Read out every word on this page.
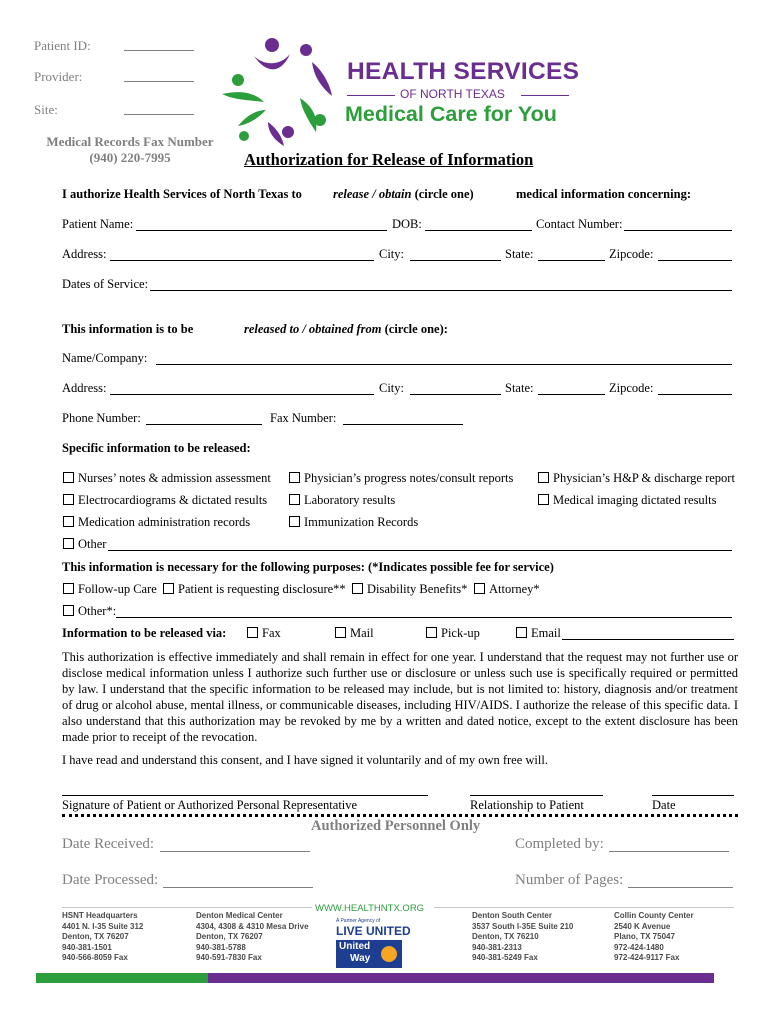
Patient ID:
Provider:
Site:
Medical Records Fax Number
(940) 220-7995
HEALTH SERVICES
OF NORTH TEXAS
Medical Care for You
Authorization for Release of Information
I authorize Health Services of North Texas to release / obtain (circle one)	medical information concerning:
Patient Name:	DOB:	Contact Number:
Address:	City:	State:	Zipcode:
Dates of Service:
This information is to be	released to / obtained from (circle one):
Name/Company:
Address:	City:	State:	Zipcode:
Phone Number:	Fax Number:
Specific information to be released:
Nurses’ notes & admission assessment	Physician’s progress notes/consult reports	Physician’s H&P & discharge report
Electrocardiograms & dictated results	Laboratory results	Medical imaging dictated results
Medication administration records	Immunization Records
Other
This information is necessary for the following purposes: (*Indicates possible fee for service)
Follow-up Care	Patient is requesting disclosure**	Disability Benefits*	Attorney*
Other*:
Information to be released via:	Fax	Mail	Pick-up	Email
This authorization is effective immediately and shall remain in effect for one year. I understand that the request may not further use or disclose medical information unless I authorize such further use or disclosure or unless such use is specifically required or permitted by law. I understand that the specific information to be released may include, but is not limited to: history, diagnosis and/or treatment of drug or alcohol abuse, mental illness, or communicable diseases, including HIV/AIDS. I authorize the release of this specific data. I also understand that this authorization may be revoked by me by a written and dated notice, except to the extent disclosure has been made prior to receipt of the revocation.
I have read and understand this consent, and I have signed it voluntarily and of my own free will.
Signature of Patient or Authorized Personal Representative	Relationship to Patient	Date
Authorized Personnel Only
Date Received:	Completed by:
Date Processed:	Number of Pages:
WWW.HEALTHNTX.ORG
HSNT Headquarters
4401 N. I-35 Suite 312
Denton, TX 76207
940-381-1501
940-566-8059 Fax
Denton Medical Center
4304, 4308 & 4310 Mesa Drive
Denton, TX 76207
940-381-5788
940-591-7830 Fax
A Partner Agency of
LIVE UNITED
United
Way
Denton South Center
3537 South I-35E Suite 210
Denton, TX 76210
940-381-2313
940-381-5249 Fax
Collin County Center
2540 K Avenue
Plano, TX 75047
972-424-1480
972-424-9117 Fax
